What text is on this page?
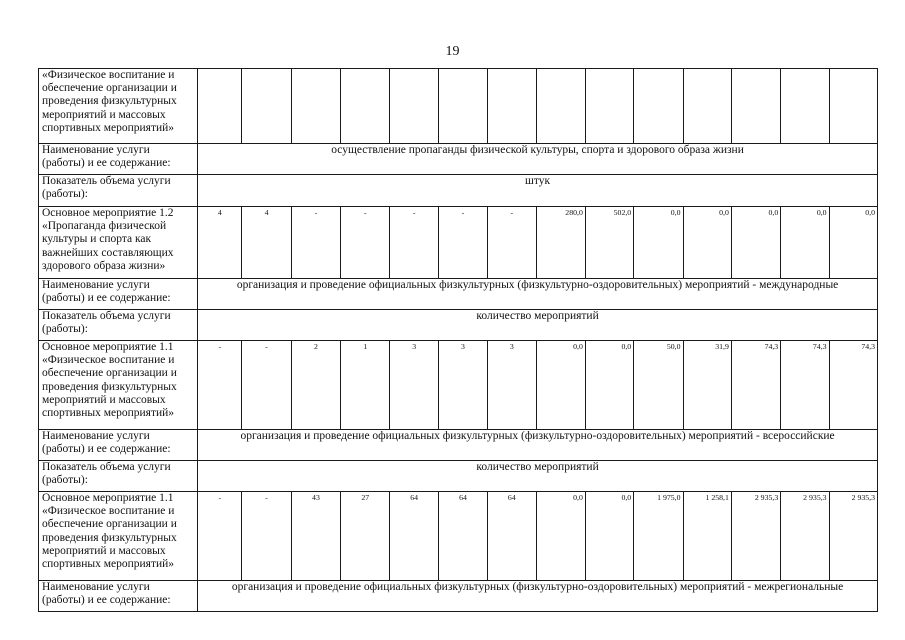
19
«Физическое воспитание и обеспечение организации и проведения физкультурных мероприятий и массовых спортивных мероприятий»														
Наименование услуги (работы) и ее содержание:	осуществление пропаганды физической культуры, спорта и здорового образа жизни													
Показатель объема услуги (работы):	штук													
Основное мероприятие 1.2 «Пропаганда физической культуры и спорта как важнейших составляющих здорового образа жизни»	4	4	-	-	-	-	-	280,0	502,0	0,0	0,0	0,0	0,0	0,0
Наименование услуги (работы) и ее содержание:	организация и проведение официальных физкультурных (физкультурно-оздоровительных) мероприятий - международные													
Показатель объема услуги (работы):	количество мероприятий													
Основное мероприятие 1.1 «Физическое воспитание и обеспечение организации и проведения физкультурных мероприятий и массовых спортивных мероприятий»	-	-	2	1	3	3	3	0,0	0,0	50,0	31,9	74,3	74,3	74,3
Наименование услуги (работы) и ее содержание:	организация и проведение официальных физкультурных (физкультурно-оздоровительных) мероприятий - всероссийские													
Показатель объема услуги (работы):	количество мероприятий													
Основное мероприятие 1.1 «Физическое воспитание и обеспечение организации и проведения физкультурных мероприятий и массовых спортивных мероприятий»	-	-	43	27	64	64	64	0,0	0,0	1 975,0	1 258,1	2 935,3	2 935,3	2 935,3
Наименование услуги (работы) и ее содержание:	организация и проведение официальных физкультурных (физкультурно-оздоровительных) мероприятий - межрегиональные													
